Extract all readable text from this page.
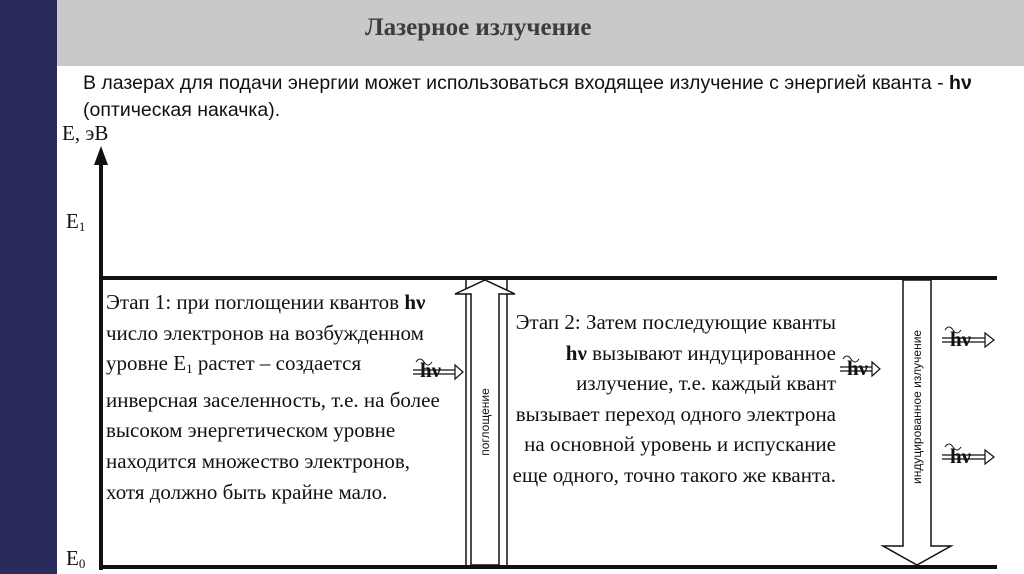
Лазерное излучение
В лазерах для подачи энергии может использоваться входящее излучение с энергией кванта - hν (оптическая накачка).
E, эВ
$E_1$
$E_0$
Этап 1: при поглощении квантов hν число электронов на возбужденном уровне $E_1$ растет – создается инверсная заселенность, т.е. на более высоком энергетическом уровне находится множество электронов, хотя должно быть крайне мало.
Этап 2: Затем последующие кванты hν вызывают индуцированное излучение, т.е. каждый квант вызывает переход одного электрона на основной уровень и испускание еще одного, точно такого же кванта.
поглощение	индуцированное излучение
hν	hν
hν
hν
